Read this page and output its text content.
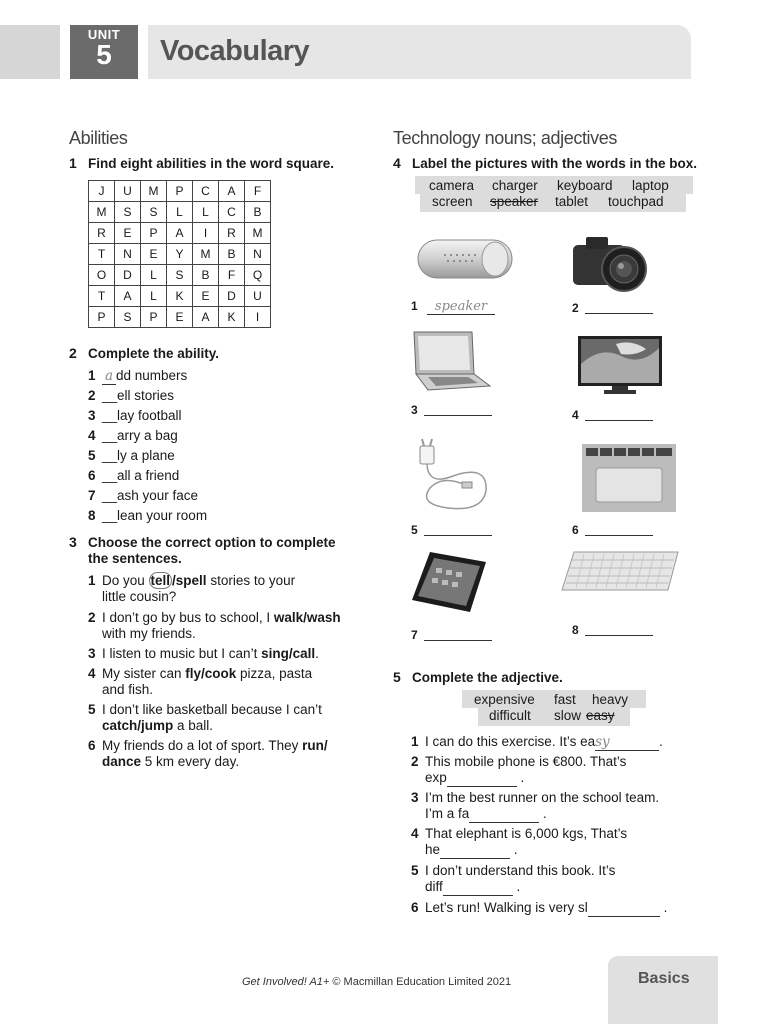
UNIT
5	Vocabulary
Abilities
1 Find eight abilities in the word square.
J	U	M	P	C	A	F
M	S	S	L	L	C	B
R	E	P	A	I	R	M
T	N	E	Y	M	B	N
O	D	L	S	B	F	Q
T	A	L	K	E	D	U
P	S	P	E	A	K	I
2 Complete the ability.
1 a dd numbers
2 __ell stories
3 __lay football
4 __arry a bag
5 __ly a plane
6 __all a friend
7 __ash your face
8 __lean your room
3 Choose the correct option to complete
the sentences.
1 Do you tell /spell stories to your
little cousin?
2 I don’t go by bus to school, I walk/wash
with my friends.
3 I listen to music but I can’t sing/call.
4 My sister can fly/cook pizza, pasta
and fish.
5 I don’t like basketball because I can’t
catch/jump a ball.
6 My friends do a lot of sport. They run/
dance 5 km every day.
Technology nouns; adjectives
4 Label the pictures with the words in the box.
camera charger keyboard laptop
screen speaker tablet touchpad
1 speaker	2
3	4
5	6
7	8
5 Complete the adjective.
expensive fast heavy
difficult slow easy
1 I can do this exercise. It’s easy	.
2 This mobile phone is €800. That’s
exp	.
3 I’m the best runner on the school team.
I’m a fa	.
4 That elephant is 6,000 kgs, That’s
he	.
5 I don’t understand this book. It’s
diff	.
6 Let’s run! Walking is very sl	.
Get Involved! A1+ © Macmillan Education Limited 2021	Basics
